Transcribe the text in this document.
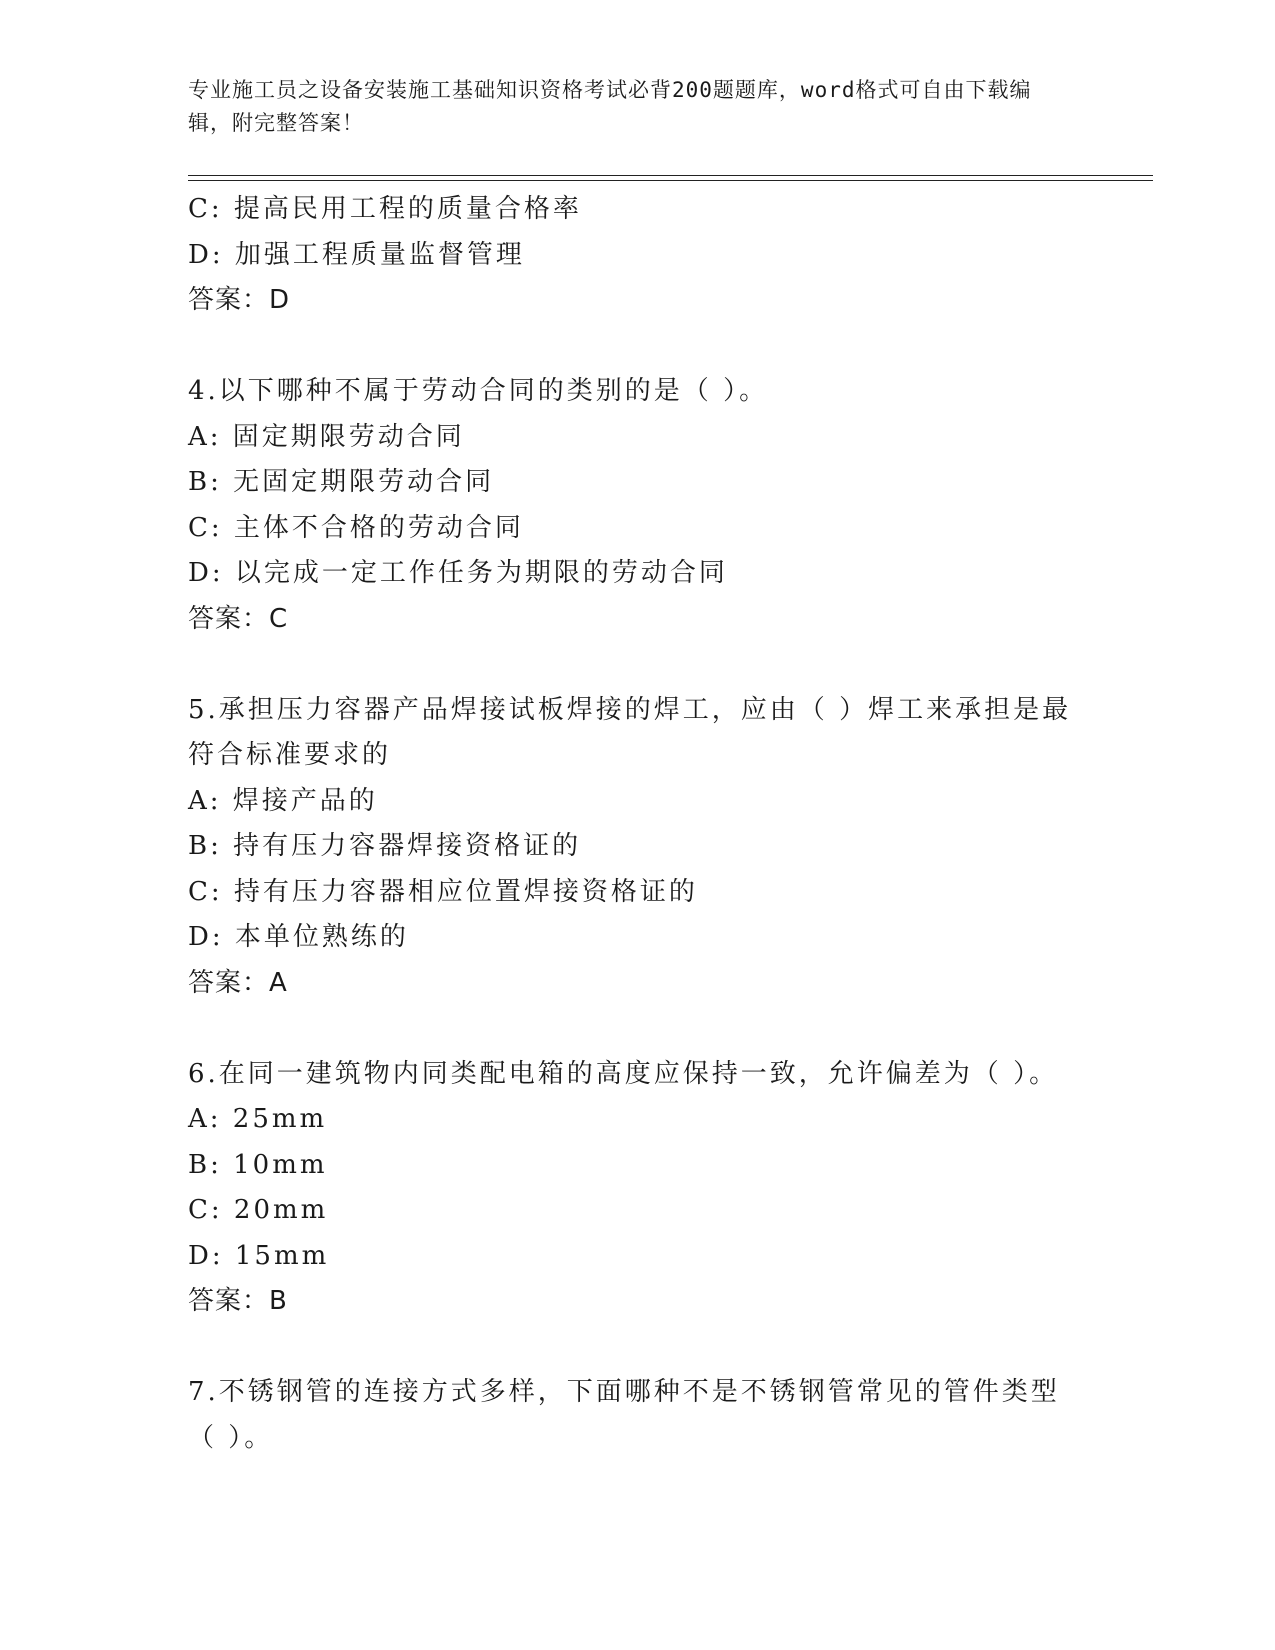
专业施工员之设备安装施工基础知识资格考试必背200题题库，word格式可自由下载编辑，附完整答案！
C: 提高民用工程的质量合格率
D: 加强工程质量监督管理
答案：D
4.以下哪种不属于劳动合同的类别的是（ ）。
A: 固定期限劳动合同
B: 无固定期限劳动合同
C: 主体不合格的劳动合同
D: 以完成一定工作任务为期限的劳动合同
答案：C
5.承担压力容器产品焊接试板焊接的焊工，应由（ ）焊工来承担是最符合标准要求的
A: 焊接产品的
B: 持有压力容器焊接资格证的
C: 持有压力容器相应位置焊接资格证的
D: 本单位熟练的
答案：A
6.在同一建筑物内同类配电箱的高度应保持一致，允许偏差为（ ）。
A: 25mm
B: 10mm
C: 20mm
D: 15mm
答案：B
7.不锈钢管的连接方式多样，下面哪种不是不锈钢管常见的管件类型（ ）。
